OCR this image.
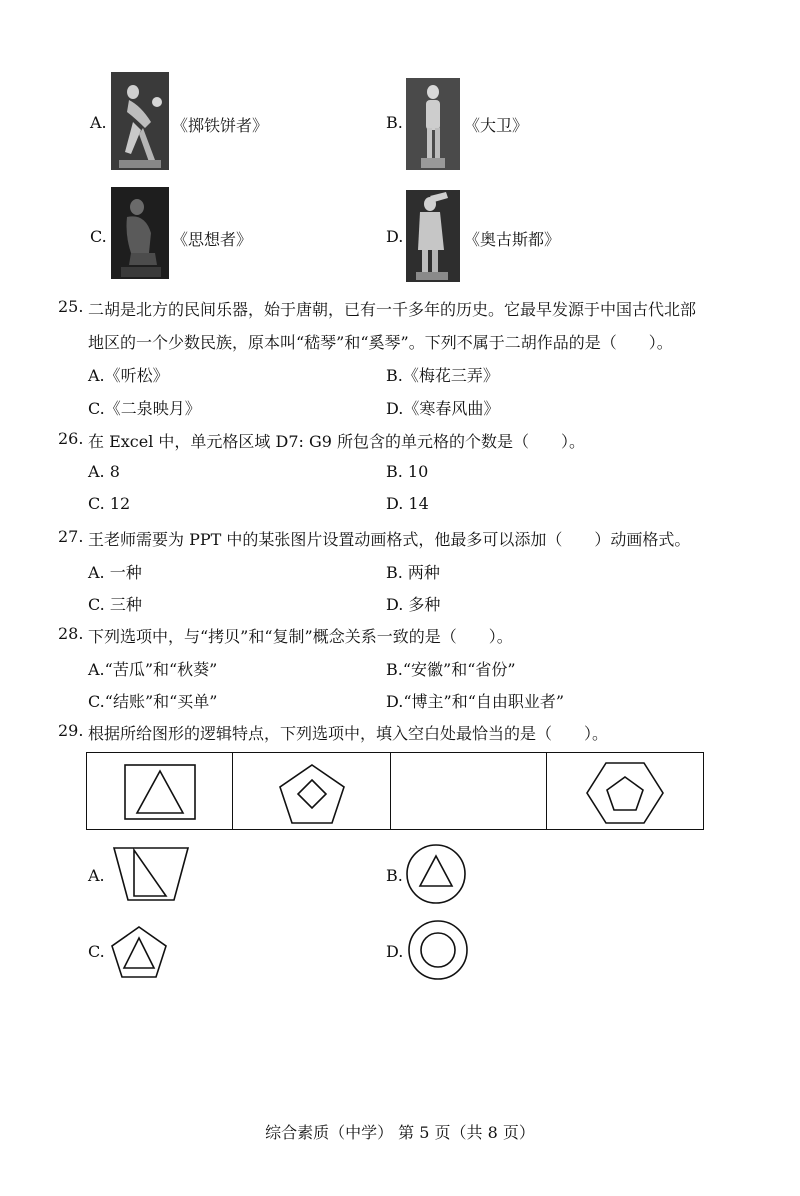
A.	《掷铁饼者》	B.	《大卫》
C.	《思想者》	D.	《奥古斯都》
25. 二胡是北方的民间乐器，始于唐朝，已有一千多年的历史。它最早发源于中国古代北部
地区的一个少数民族，原本叫“嵇琴”和“奚琴”。下列不属于二胡作品的是（　　）。
A.《听松》	B.《梅花三弄》
C.《二泉映月》	D.《寒春风曲》
26. 在 Excel 中，单元格区域 D7: G9 所包含的单元格的个数是（　　）。
A. 8	B. 10
C. 12	D. 14
27. 王老师需要为 PPT 中的某张图片设置动画格式，他最多可以添加（　　）动画格式。
A. 一种	B. 两种
C. 三种	D. 多种
28. 下列选项中，与“拷贝”和“复制”概念关系一致的是（　　）。
A.“苦瓜”和“秋葵”	B.“安徽”和“省份”
C.“结账”和“买单”	D.“博主”和“自由职业者”
29. 根据所给图形的逻辑特点，下列选项中，填入空白处最恰当的是（　　）。
A.	B.
C.	D.
综合素质（中学） 第 5 页（共 8 页）
